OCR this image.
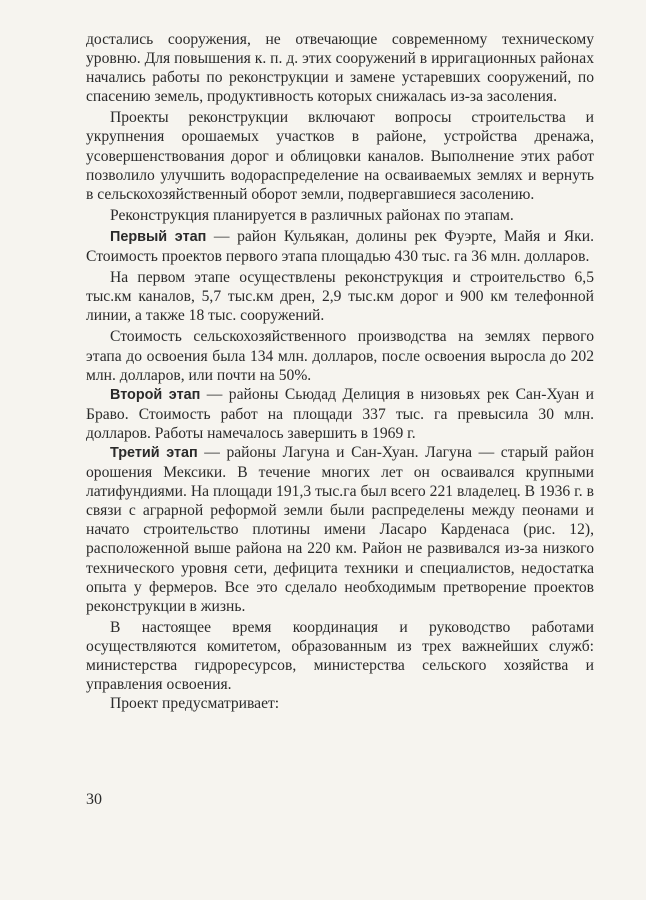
достались сооружения, не отвечающие современному техническому уровню. Для повышения к. п. д. этих сооружений в ирригационных районах начались работы по реконструкции и замене устаревших сооружений, по спасению земель, продуктивность которых снижалась из-за засоления.

Проекты реконструкции включают вопросы строительства и укрупнения орошаемых участков в районе, устройства дренажа, усовершенствования дорог и облицовки каналов. Выполнение этих работ позволило улучшить водораспределение на осваиваемых землях и вернуть в сельскохозяйственный оборот земли, подвергавшиеся засолению.

Реконструкция планируется в различных районах по этапам.

Первый этап — район Кульякан, долины рек Фуэрте, Майя и Яки. Стоимость проектов первого этапа площадью 430 тыс. га 36 млн. долларов.

На первом этапе осуществлены реконструкция и строительство 6,5 тыс.км каналов, 5,7 тыс.км дрен, 2,9 тыс.км дорог и 900 км телефонной линии, а также 18 тыс. сооружений.

Стоимость сельскохозяйственного производства на землях первого этапа до освоения была 134 млн. долларов, после освоения выросла до 202 млн. долларов, или почти на 50%.

Второй этап — районы Сьюдад Делиция в низовьях рек Сан-Хуан и Браво. Стоимость работ на площади 337 тыс. га превысила 30 млн. долларов. Работы намечалось завершить в 1969 г.

Третий этап — районы Лагуна и Сан-Хуан. Лагуна — старый район орошения Мексики. В течение многих лет он осваивался крупными латифундиями. На площади 191,3 тыс.га был всего 221 владелец. В 1936 г. в связи с аграрной реформой земли были распределены между пеонами и начато строительство плотины имени Ласаро Карденаса (рис. 12), расположенной выше района на 220 км. Район не развивался из-за низкого технического уровня сети, дефицита техники и специалистов, недостатка опыта у фермеров. Все это сделало необходимым претворение проектов реконструкции в жизнь.

В настоящее время координация и руководство работами осуществляются комитетом, образованным из трех важнейших служб: министерства гидроресурсов, министерства сельского хозяйства и управления освоения.

Проект предусматривает:

30
